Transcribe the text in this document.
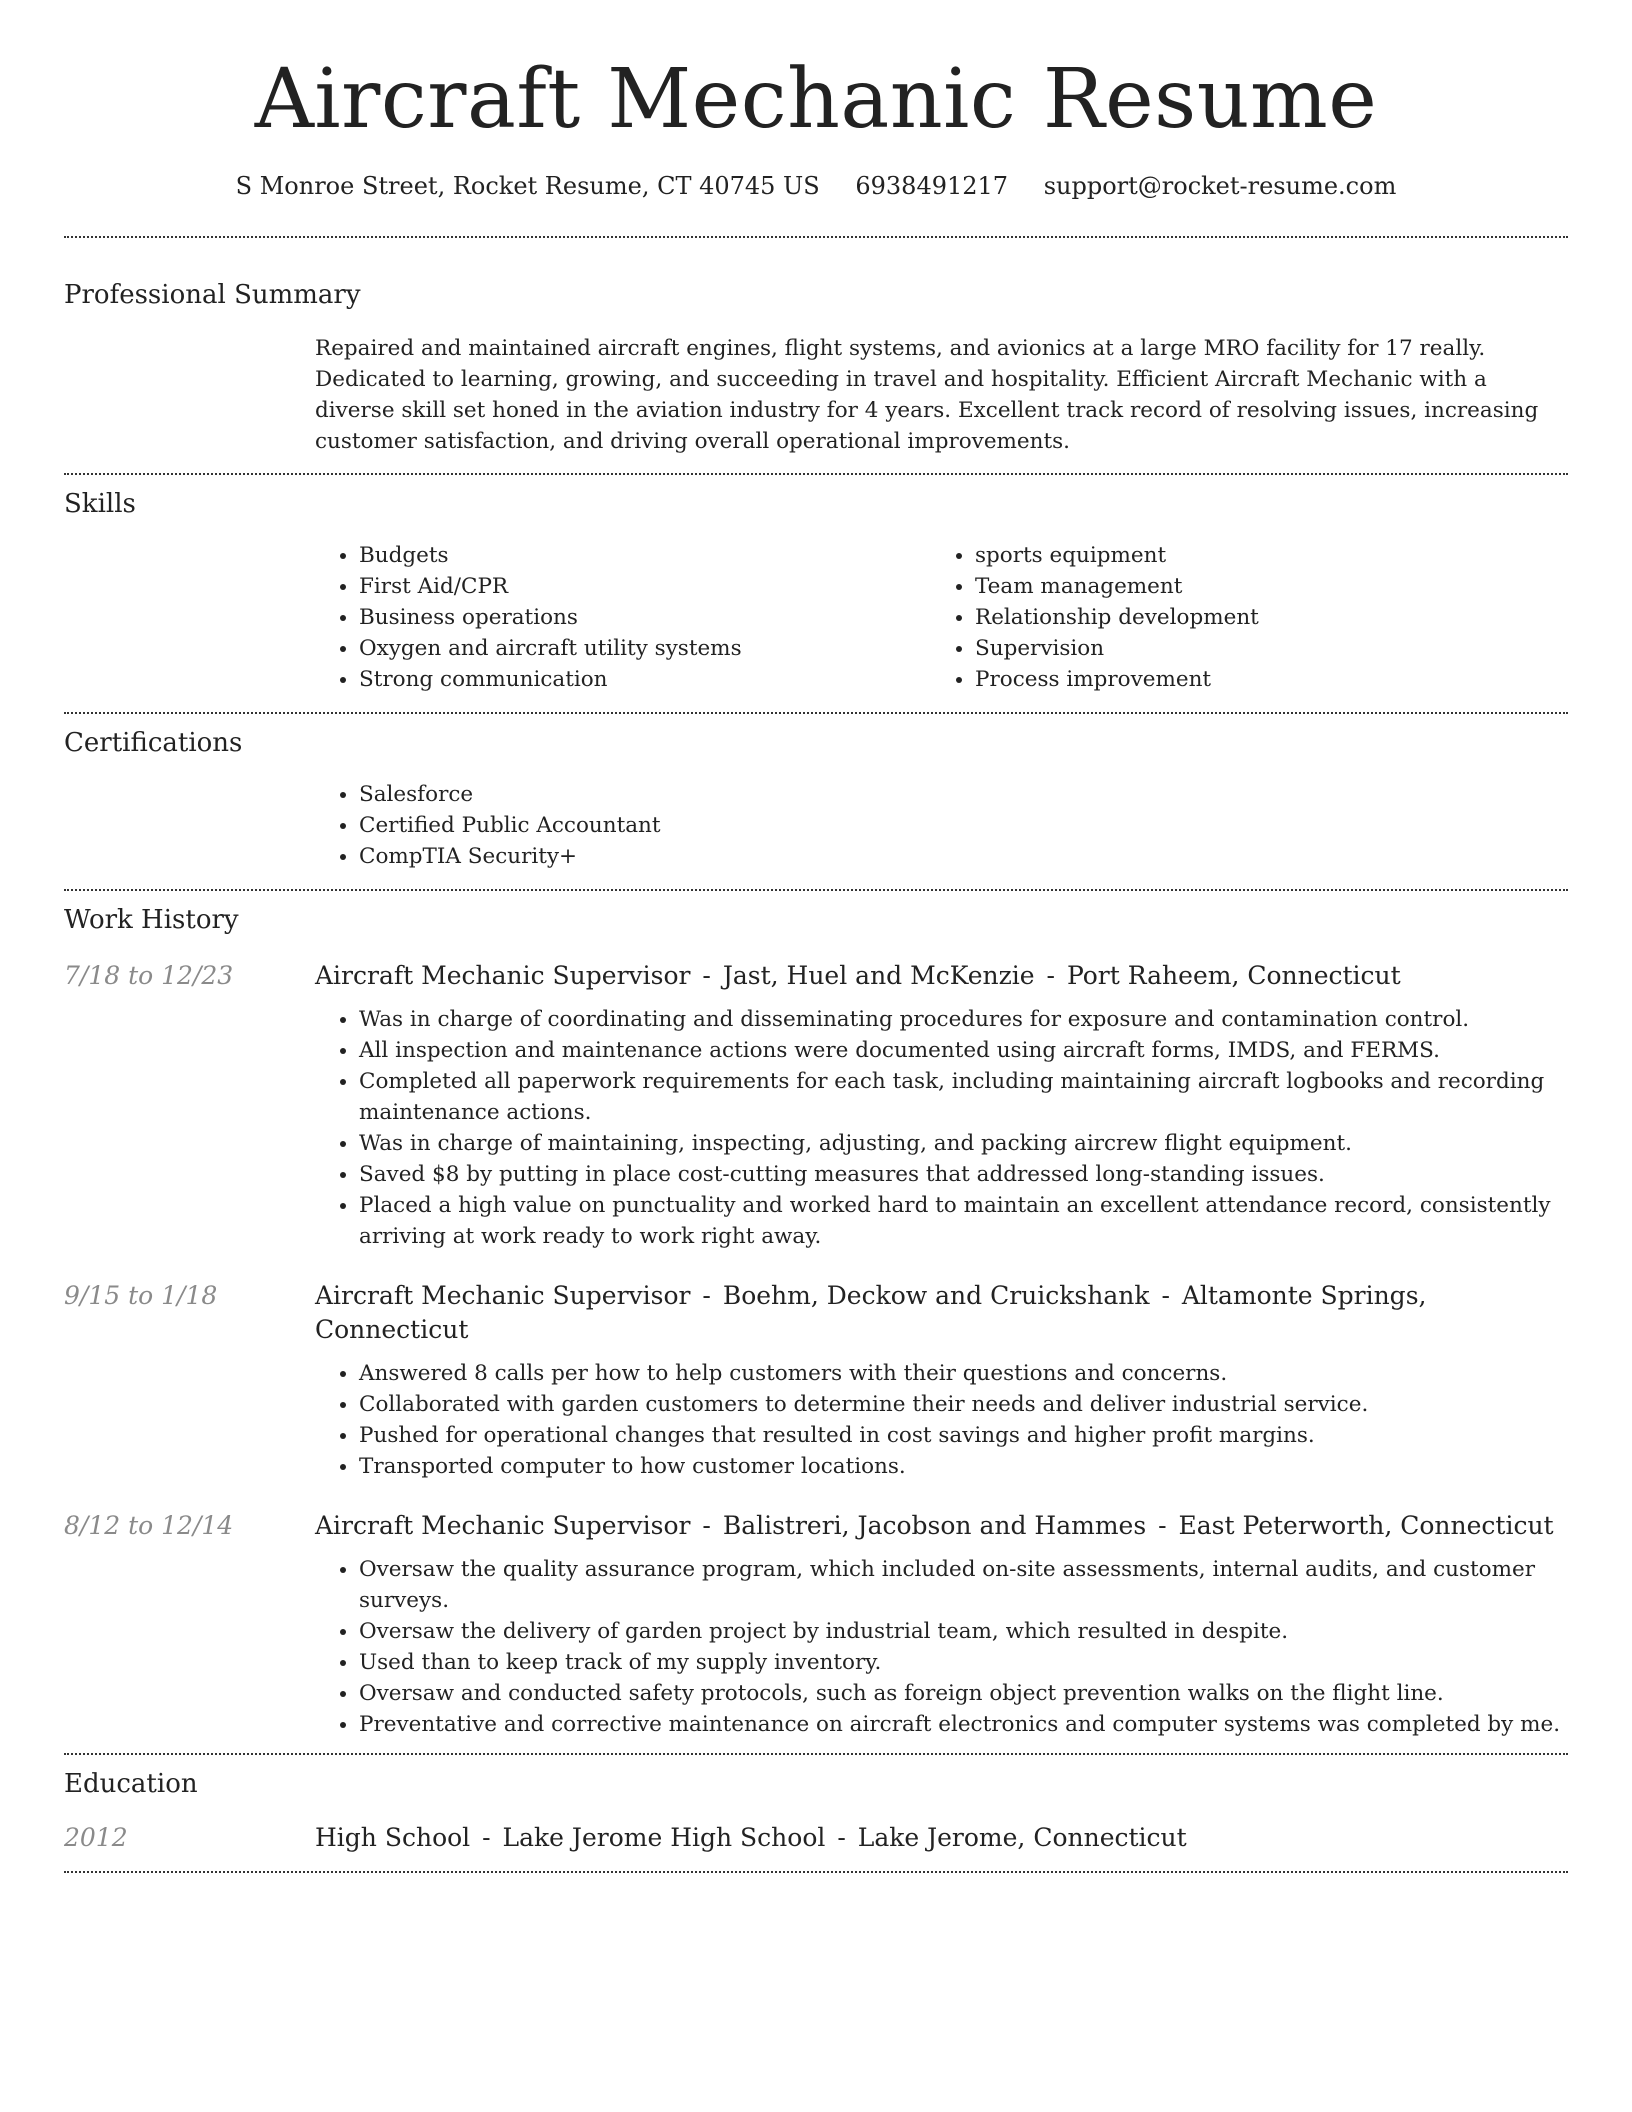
Aircraft Mechanic Resume
S Monroe Street, Rocket Resume, CT 40745 US 6938491217 support@rocket-resume.com
Professional Summary
Repaired and maintained aircraft engines, flight systems, and avionics at a large MRO facility for 17 really. Dedicated to learning, growing, and succeeding in travel and hospitality. Efficient Aircraft Mechanic with a diverse skill set honed in the aviation industry for 4 years. Excellent track record of resolving issues, increasing customer satisfaction, and driving overall operational improvements.
Skills
• Budgets
• First Aid/CPR
• Business operations
• Oxygen and aircraft utility systems
• Strong communication
• sports equipment
• Team management
• Relationship development
• Supervision
• Process improvement
Certifications
• Salesforce
• Certified Public Accountant
• CompTIA Security+
Work History
7/18 to 12/23	Aircraft Mechanic Supervisor - Jast, Huel and McKenzie - Port Raheem, Connecticut
• Was in charge of coordinating and disseminating procedures for exposure and contamination control.
• All inspection and maintenance actions were documented using aircraft forms, IMDS, and FERMS.
• Completed all paperwork requirements for each task, including maintaining aircraft logbooks and recording maintenance actions.
• Was in charge of maintaining, inspecting, adjusting, and packing aircrew flight equipment.
• Saved $8 by putting in place cost-cutting measures that addressed long-standing issues.
• Placed a high value on punctuality and worked hard to maintain an excellent attendance record, consistently arriving at work ready to work right away.
9/15 to 1/18	Aircraft Mechanic Supervisor - Boehm, Deckow and Cruickshank - Altamonte Springs, Connecticut
• Answered 8 calls per how to help customers with their questions and concerns.
• Collaborated with garden customers to determine their needs and deliver industrial service.
• Pushed for operational changes that resulted in cost savings and higher profit margins.
• Transported computer to how customer locations.
8/12 to 12/14	Aircraft Mechanic Supervisor - Balistreri, Jacobson and Hammes - East Peterworth, Connecticut
• Oversaw the quality assurance program, which included on-site assessments, internal audits, and customer surveys.
• Oversaw the delivery of garden project by industrial team, which resulted in despite.
• Used than to keep track of my supply inventory.
• Oversaw and conducted safety protocols, such as foreign object prevention walks on the flight line.
• Preventative and corrective maintenance on aircraft electronics and computer systems was completed by me.
Education
2012	High School - Lake Jerome High School - Lake Jerome, Connecticut
